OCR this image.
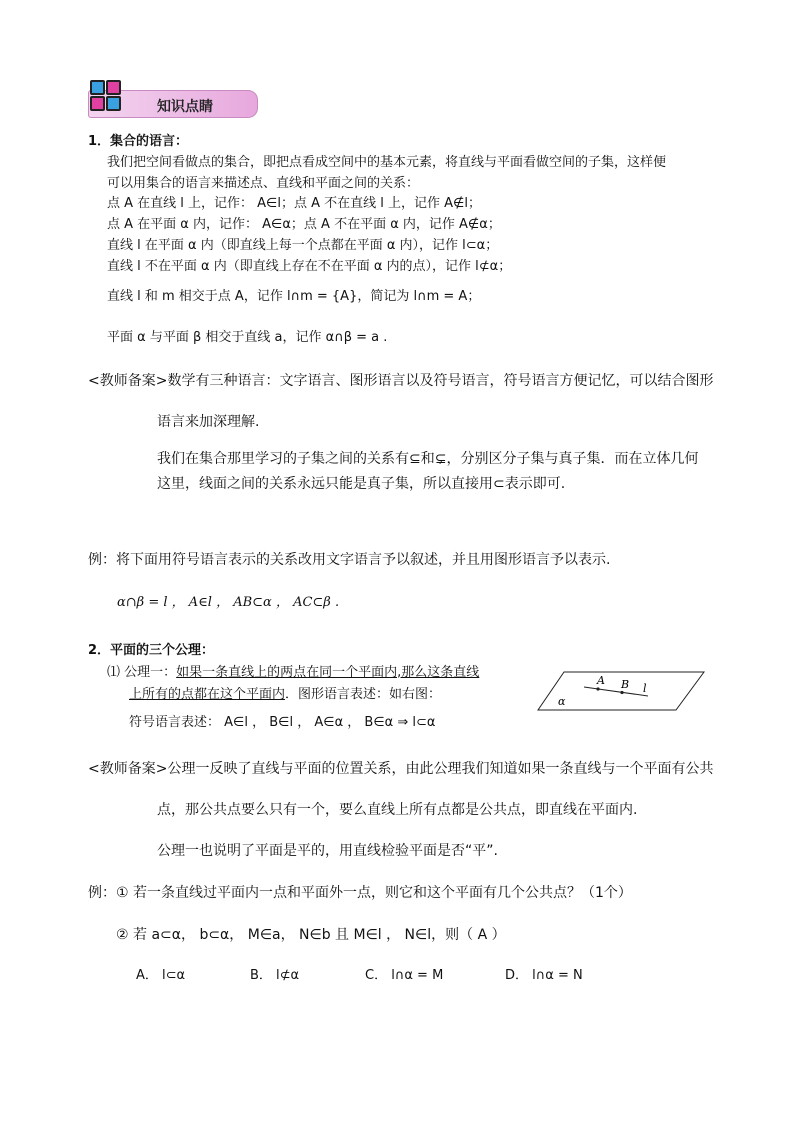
知识点睛
1．集合的语言：
我们把空间看做点的集合，即把点看成空间中的基本元素，将直线与平面看做空间的子集，这样便
可以用集合的语言来描述点、直线和平面之间的关系：
点 A 在直线 l 上，记作： A∈l；点 A 不在直线 l 上，记作 A∉l；
点 A 在平面 α 内，记作： A∈α；点 A 不在平面 α 内，记作 A∉α；
直线 l 在平面 α 内（即直线上每一个点都在平面 α 内），记作 l⊂α；
直线 l 不在平面 α 内（即直线上存在不在平面 α 内的点），记作 l⊄α；
直线 l 和 m 相交于点 A，记作 l∩m = {A}，简记为 l∩m = A；
平面 α 与平面 β 相交于直线 a，记作 α∩β = a .
<教师备案>数学有三种语言：文字语言、图形语言以及符号语言，符号语言方便记忆，可以结合图形
语言来加深理解.
我们在集合那里学习的子集之间的关系有⊆和⊊，分别区分子集与真子集．而在立体几何
这里，线面之间的关系永远只能是真子集，所以直接用⊂表示即可.
例：将下面用符号语言表示的关系改用文字语言予以叙述，并且用图形语言予以表示.
α∩β = l ， A∈l ， AB⊂α ， AC⊂β .
2．平面的三个公理：
⑴ 公理一：如果一条直线上的两点在同一个平面内,那么这条直线
上所有的点都在这个平面内．图形语言表述：如右图：
符号语言表述： A∈l ， B∈l ， A∈α ， B∈α ⇒ l⊂α
A B l
α
<教师备案>公理一反映了直线与平面的位置关系，由此公理我们知道如果一条直线与一个平面有公共
点，那公共点要么只有一个，要么直线上所有点都是公共点，即直线在平面内.
公理一也说明了平面是平的，用直线检验平面是否“平”.
例：① 若一条直线过平面内一点和平面外一点，则它和这个平面有几个公共点？（1个）
② 若 a⊂α， b⊂α， M∈a， N∈b 且 M∈l ， N∈l，则（ A ）
A． l⊂α	B． l⊄α	C． l∩α = M	D． l∩α = N
